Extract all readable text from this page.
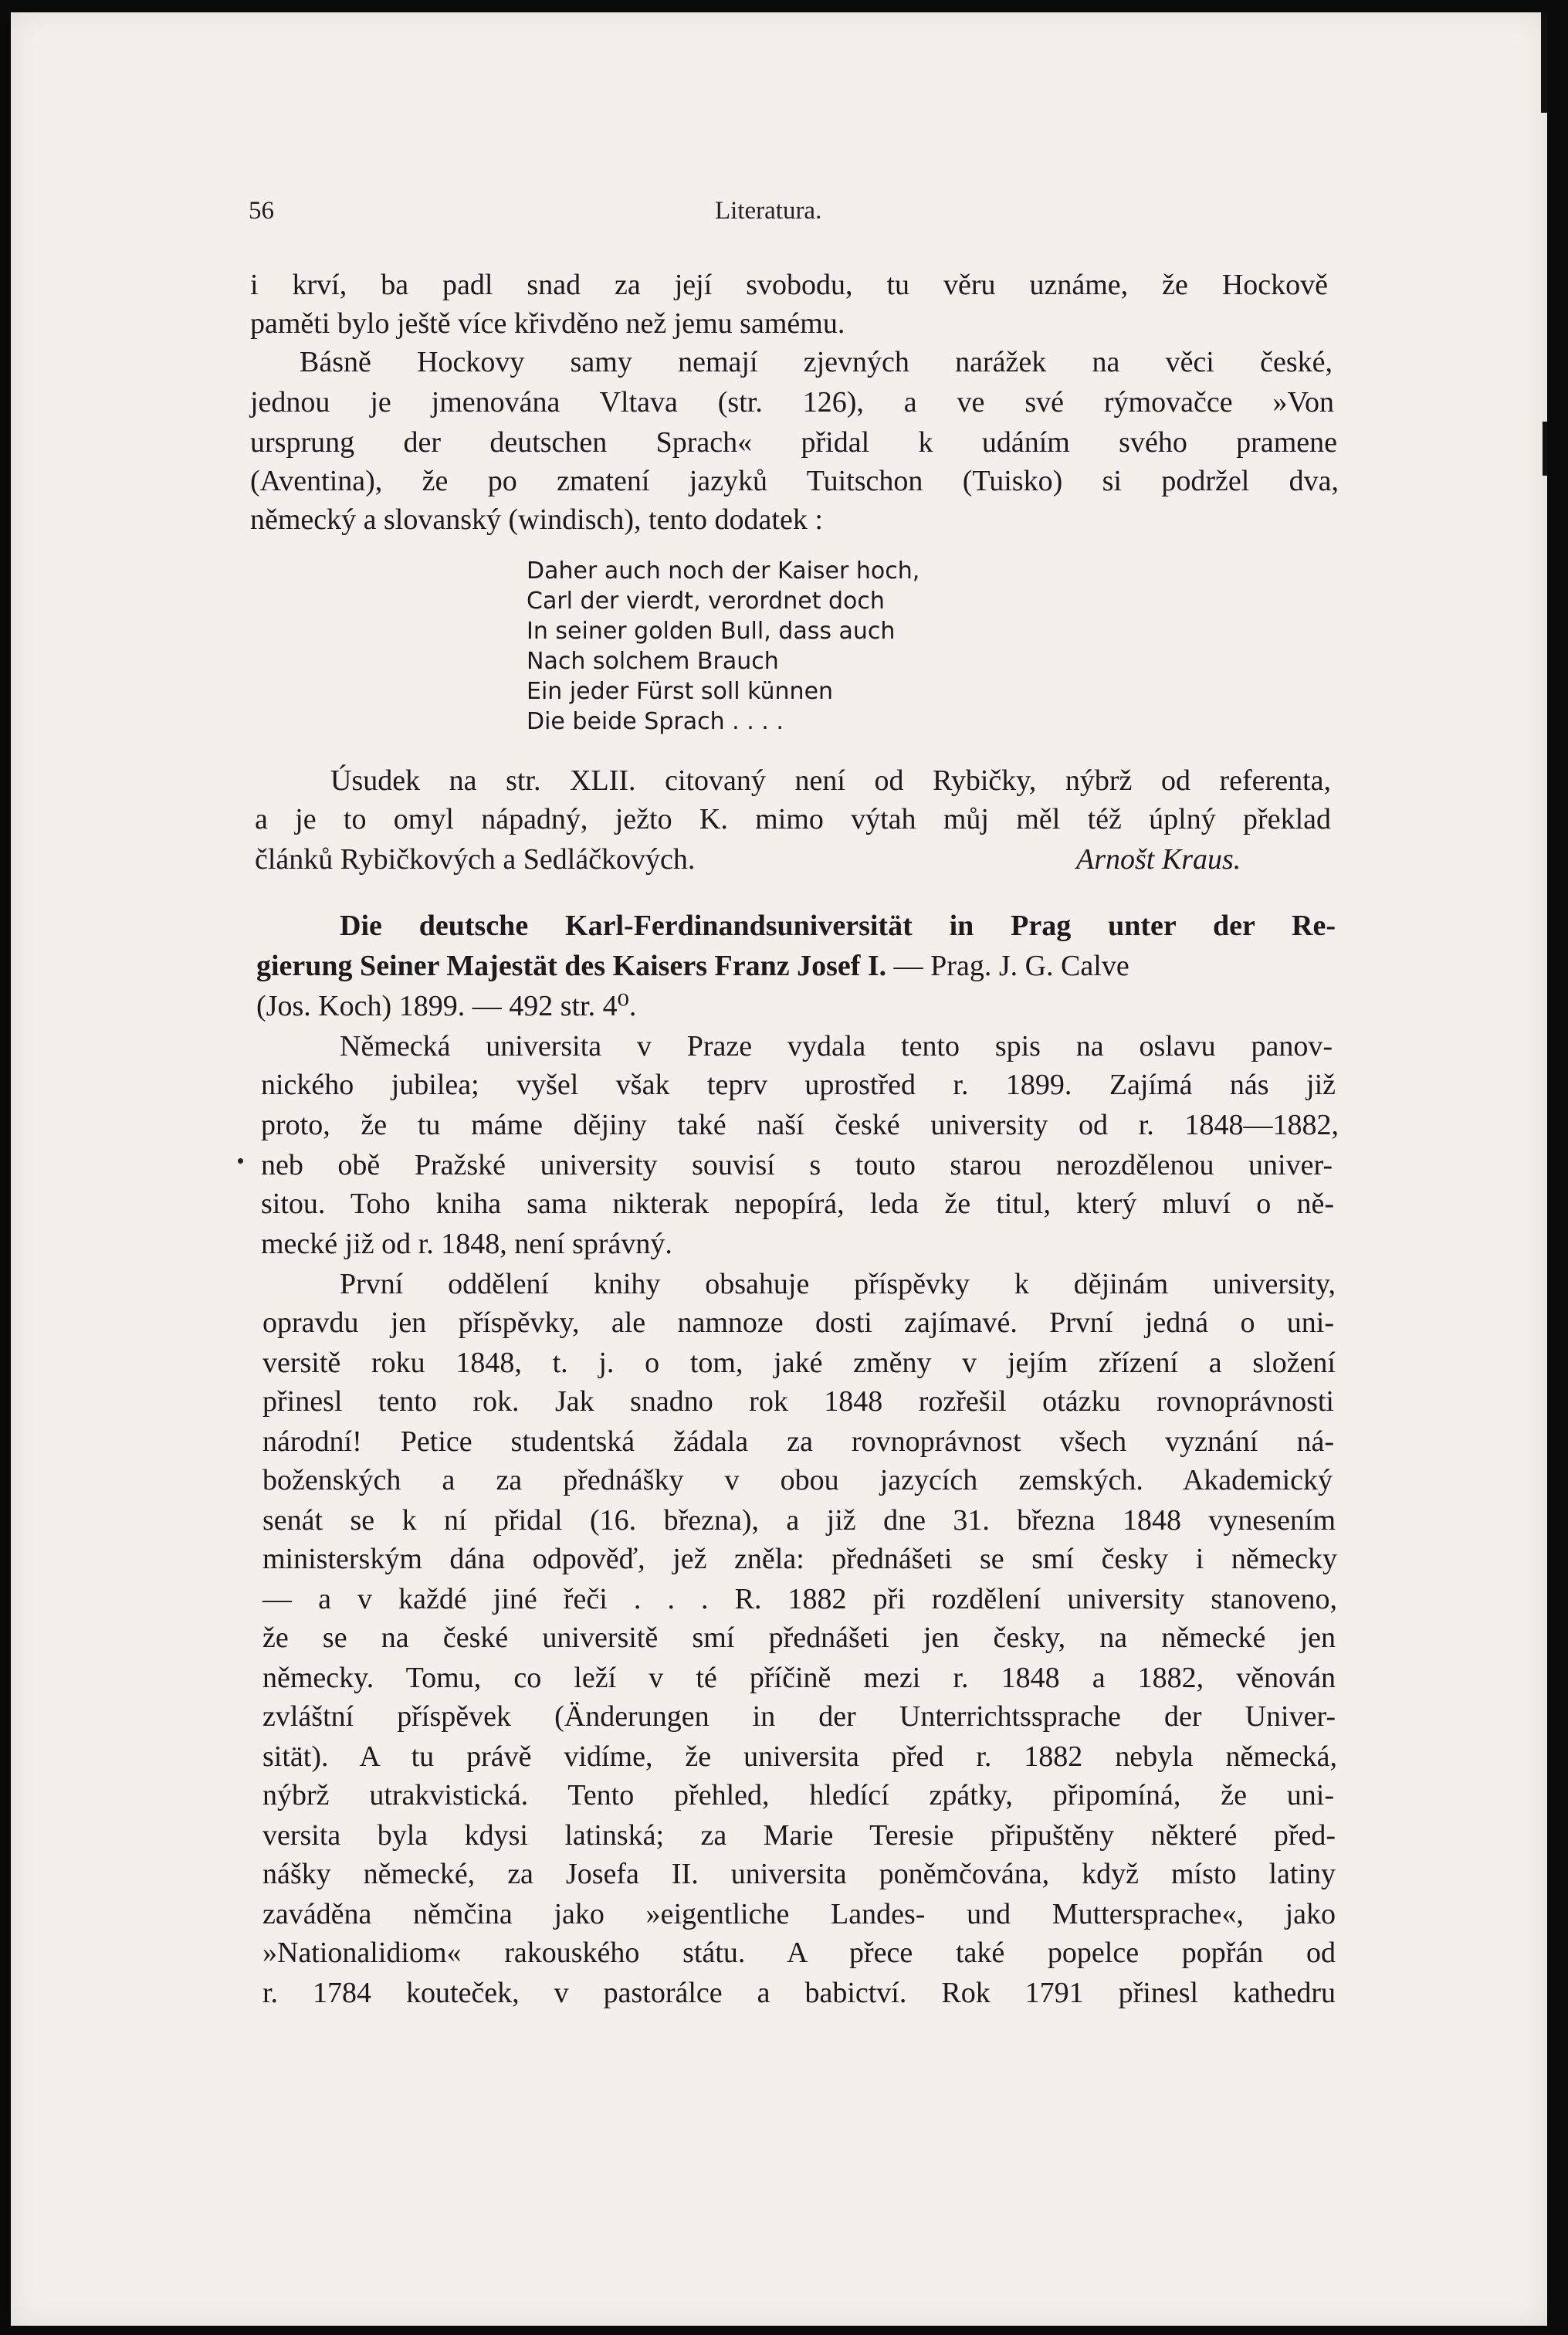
56	Literatura.
i krví, ba padl snad za její svobodu, tu věru uznáme, že Hockově
paměti bylo ještě více křivděno než jemu samému.
Básně Hockovy samy nemají zjevných narážek na věci české,
jednou je jmenována Vltava (str. 126), a ve své rýmovačce »Von
ursprung der deutschen Sprach« přidal k udáním svého pramene
(Aventina), že po zmatení jazyků Tuitschon (Tuisko) si podržel dva,
německý a slovanský (windisch), tento dodatek :
Daher auch noch der Kaiser hoch,
Carl der vierdt, verordnet doch
In seiner golden Bull, dass auch
Nach solchem Brauch
Ein jeder Fürst soll künnen
Die beide Sprach . . . .
Úsudek na str. XLII. citovaný není od Rybičky, nýbrž od referenta,
a je to omyl nápadný, ježto K. mimo výtah můj měl též úplný překlad
článků Rybičkových a Sedláčkových.	Arnošt Kraus.
Die deutsche Karl-Ferdinandsuniversität in Prag unter der Re-
gierung Seiner Majestät des Kaisers Franz Josef I. — Prag. J. G. Calve
(Jos. Koch) 1899. — 492 str. 4⁰.
Německá universita v Praze vydala tento spis na oslavu panov-
nického jubilea; vyšel však teprv uprostřed r. 1899. Zajímá nás již
proto, že tu máme dějiny také naší české university od r. 1848—1882,
neb obě Pražské university souvisí s touto starou nerozdělenou univer-
sitou. Toho kniha sama nikterak nepopírá, leda že titul, který mluví o ně-
mecké již od r. 1848, není správný.
První oddělení knihy obsahuje příspěvky k dějinám university,
opravdu jen příspěvky, ale namnoze dosti zajímavé. První jedná o uni-
versitě roku 1848, t. j. o tom, jaké změny v jejím zřízení a složení
přinesl tento rok. Jak snadno rok 1848 rozřešil otázku rovnoprávnosti
národní! Petice studentská žádala za rovnoprávnost všech vyznání ná-
boženských a za přednášky v obou jazycích zemských. Akademický
senát se k ní přidal (16. března), a již dne 31. března 1848 vynesením
ministerským dána odpověď, jež zněla: přednášeti se smí česky i německy
— a v každé jiné řeči . . . R. 1882 při rozdělení university stanoveno,
že se na české universitě smí přednášeti jen česky, na německé jen
německy. Tomu, co leží v té příčině mezi r. 1848 a 1882, věnován
zvláštní příspěvek (Änderungen in der Unterrichtssprache der Univer-
sität). A tu právě vidíme, že universita před r. 1882 nebyla německá,
nýbrž utrakvistická. Tento přehled, hledící zpátky, připomíná, že uni-
versita byla kdysi latinská; za Marie Teresie připuštěny některé před-
nášky německé, za Josefa II. universita poněmčována, když místo latiny
zaváděna němčina jako »eigentliche Landes- und Muttersprache«, jako
»Nationalidiom« rakouského státu. A přece také popelce popřán od
r. 1784 kouteček, v pastorálce a babictví. Rok 1791 přinesl kathedru
